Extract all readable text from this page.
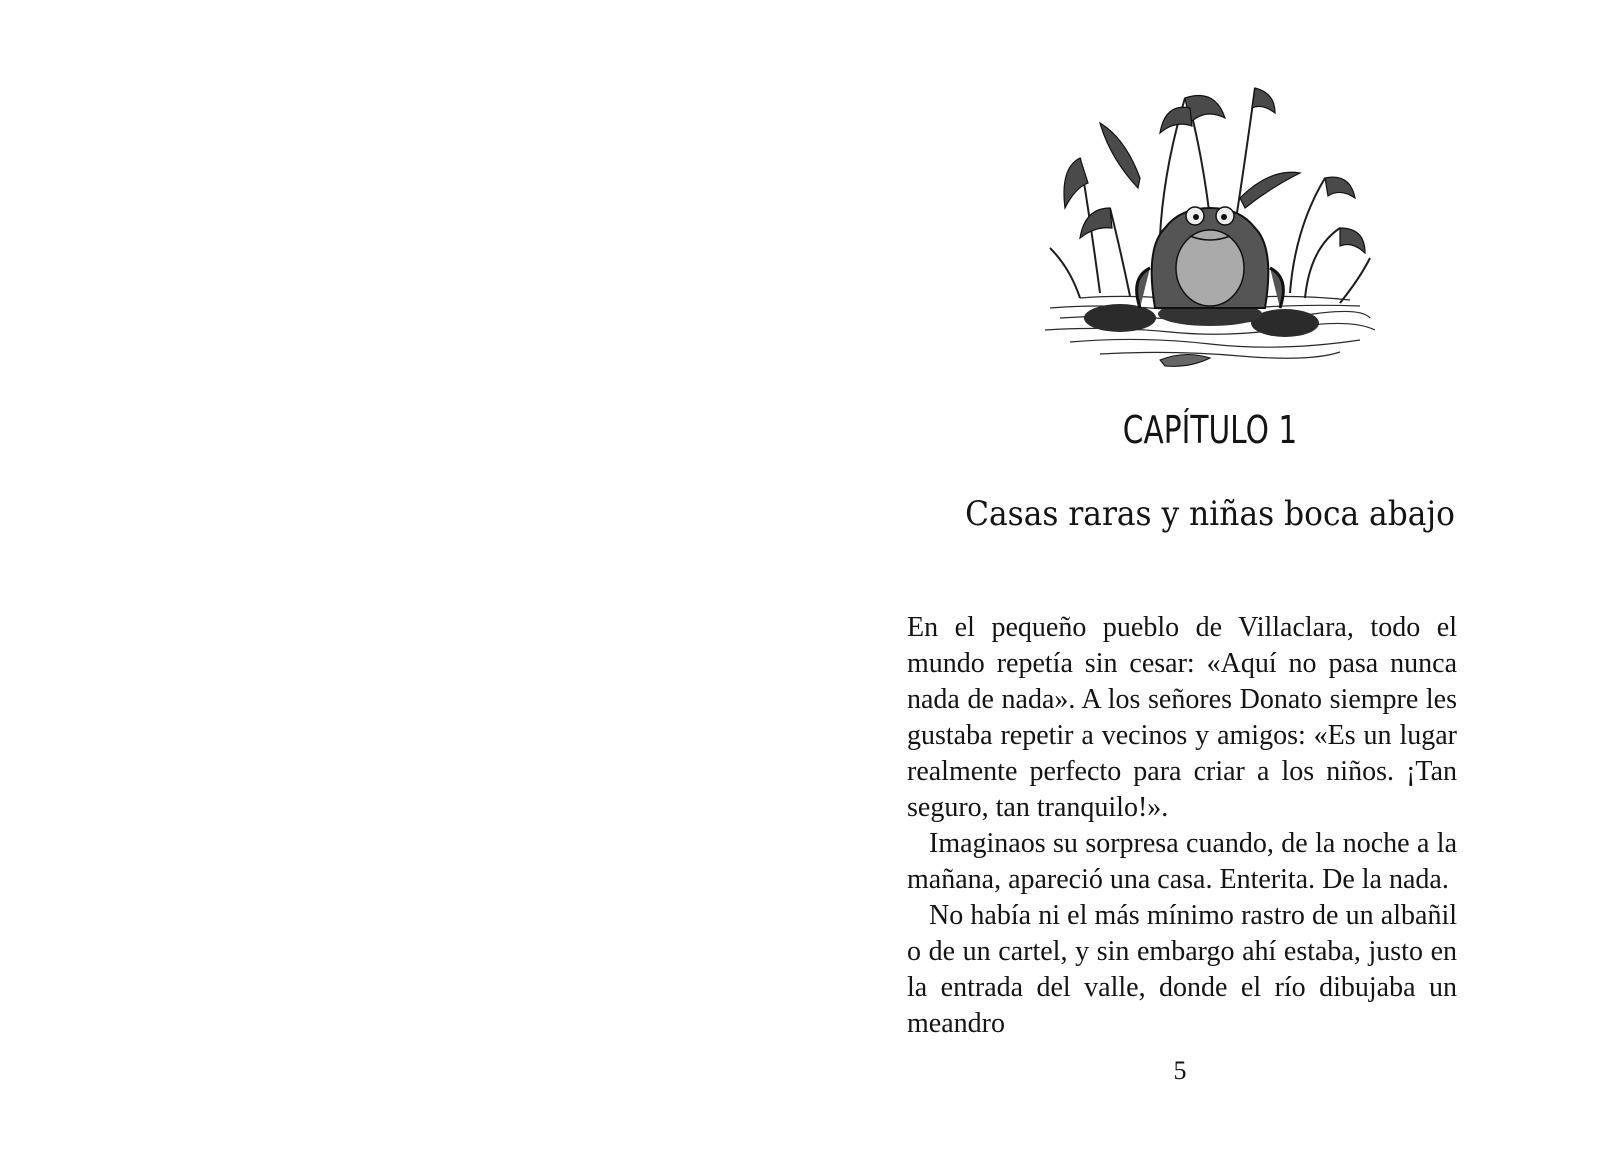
CAPÍTULO 1
Casas raras y niñas boca abajo

En el pequeño pueblo de Villaclara, todo el mundo repetía sin cesar: «Aquí no pasa nunca nada de nada». A los señores Donato siempre les gustaba repetir a vecinos y amigos: «Es un lugar realmente perfecto para criar a los niños. ¡Tan seguro, tan tranquilo!».

Imaginaos su sorpresa cuando, de la noche a la mañana, apareció una casa. Enterita. De la nada.

No había ni el más mínimo rastro de un albañil o de un cartel, y sin embargo ahí estaba, justo en la entrada del valle, donde el río dibujaba un meandro

5
